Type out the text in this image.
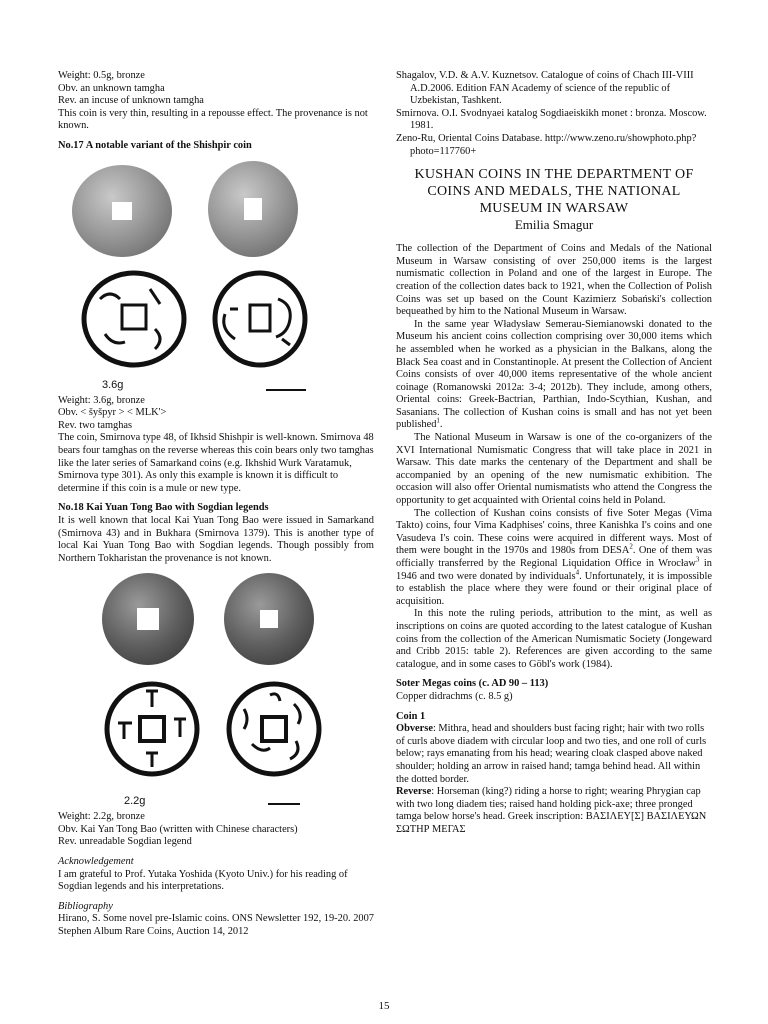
Weight: 0.5g, bronze

Obv. an unknown tamgha

Rev. an incuse of unknown tamgha

This coin is very thin, resulting in a repousse effect. The provenance is not known.

No.17 A notable variant of the Shishpir coin

3.6g

Weight: 3.6g, bronze

Obv. < šyšpyr > < MLK'>

Rev. two tamghas

The coin, Smirnova type 48, of Ikhsid Shishpir is well-known. Smirnova 48 bears four tamghas on the reverse whereas this coin bears only two tamghas like the later series of Samarkand coins (e.g. Ikhshid Wurk Varatamuk, Smirnova type 301). As only this example is known it is difficult to determine if this coin is a mule or new type.

No.18 Kai Yuan Tong Bao with Sogdian legends

It is well known that local Kai Yuan Tong Bao were issued in Samarkand (Smirnova 43) and in Bukhara (Smirnova 1379). This is another type of local Kai Yuan Tong Bao with Sogdian legends. Though possibly from Northern Tokharistan the provenance is not known.

2.2g

Weight: 2.2g, bronze

Obv. Kai Yan Tong Bao (written with Chinese characters)

Rev. unreadable Sogdian legend

Acknowledgement

I am grateful to Prof. Yutaka Yoshida (Kyoto Univ.) for his reading of Sogdian legends and his interpretations.

Bibliography

Hirano, S. Some novel pre-Islamic coins. ONS Newsletter 192, 19-20. 2007

Stephen Album Rare Coins, Auction 14, 2012

Shagalov, V.D. & A.V. Kuznetsov. Catalogue of coins of Chach III-VIII A.D.2006. Edition FAN Academy of science of the republic of Uzbekistan, Tashkent.

Smirnova. O.I. Svodnyaei katalog Sogdiaeiskikh monet : bronza. Moscow. 1981.

Zeno-Ru, Oriental Coins Database. http://www.zeno.ru/showphoto.php?photo=117760+

KUSHAN COINS IN THE DEPARTMENT OF COINS AND MEDALS, THE NATIONAL MUSEUM IN WARSAW

Emilia Smagur

The collection of the Department of Coins and Medals of the National Museum in Warsaw consisting of over 250,000 items is the largest numismatic collection in Poland and one of the largest in Europe. The creation of the collection dates back to 1921, when the Collection of Polish Coins was set up based on the Count Kazimierz Sobański's collection bequeathed by him to the National Museum in Warsaw.

In the same year Władysław Semerau-Siemianowski donated to the Museum his ancient coins collection comprising over 30,000 items which he assembled when he worked as a physician in the Balkans, along the Black Sea coast and in Constantinople. At present the Collection of Ancient Coins consists of over 40,000 items representative of the whole ancient coinage (Romanowski 2012a: 3-4; 2012b). They include, among others, Oriental coins: Greek-Bactrian, Parthian, Indo-Scythian, Kushan, and Sasanians. The collection of Kushan coins is small and has not yet been published$^1$.

The National Museum in Warsaw is one of the co-organizers of the XVI International Numismatic Congress that will take place in 2021 in Warsaw. This date marks the centenary of the Department and shall be accompanied by an opening of the new numismatic exhibition. The occasion will also offer Oriental numismatists who attend the Congress the opportunity to get acquainted with Oriental coins held in Poland.

The collection of Kushan coins consists of five Soter Megas (Vima Takto) coins, four Vima Kadphises' coins, three Kanishka I's coins and one Vasudeva I's coin. These coins were acquired in different ways. Most of them were bought in the 1970s and 1980s from DESA$^2$. One of them was officially transferred by the Regional Liquidation Office in Wrocław$^3$ in 1946 and two were donated by individuals$^4$. Unfortunately, it is impossible to establish the place where they were found or their original place of acquisition.

In this note the ruling periods, attribution to the mint, as well as inscriptions on coins are quoted according to the latest catalogue of Kushan coins from the collection of the American Numismatic Society (Jongeward and Cribb 2015: table 2). References are given according to the same catalogue, and in some cases to Göbl's work (1984).

Soter Megas coins (c. AD 90 – 113)

Copper didrachms (c. 8.5 g)

Coin 1

Obverse: Mithra, head and shoulders bust facing right; hair with two rolls of curls above diadem with circular loop and two ties, and one roll of curls below; rays emanating from his head; wearing cloak clasped above naked shoulder; holding an arrow in raised hand; tamga behind head. All within the dotted border.

Reverse: Horseman (king?) riding a horse to right; wearing Phrygian cap with two long diadem ties; raised hand holding pick-axe; three pronged tamga below horse's head. Greek inscription: ΒΑΣΙΛΕΥ[Σ] ΒΑΣΙΛΕΥΩΝ ΣΩΤΗΡ ΜΕΓΑΣ

15
